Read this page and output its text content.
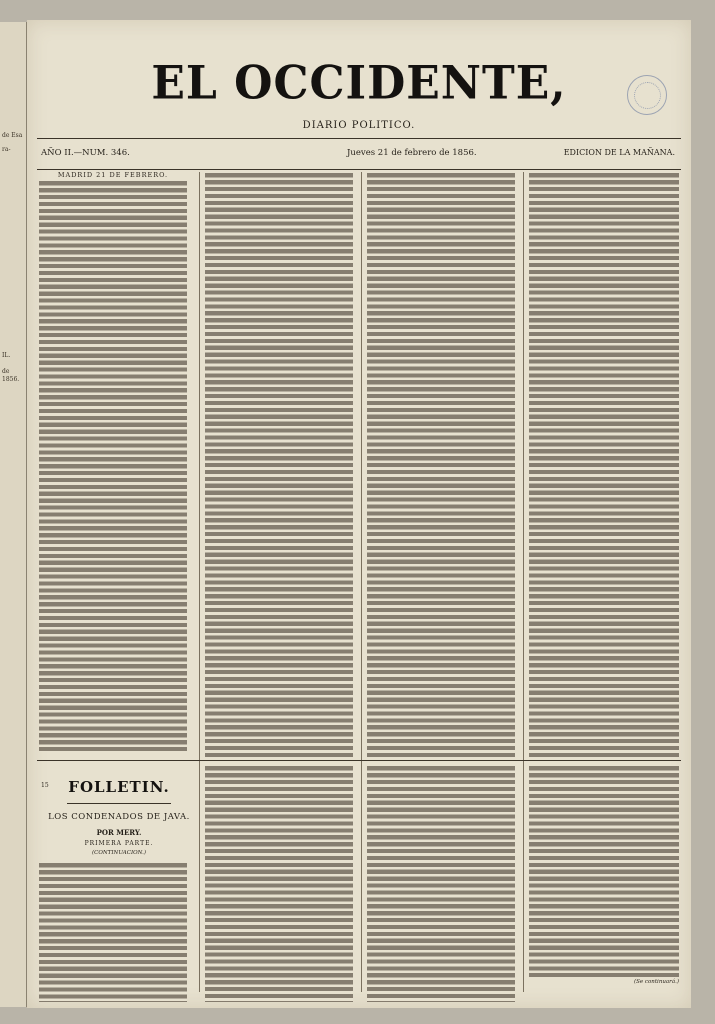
de Esa
ra-
IL.
de 1856.
EL OCCIDENTE,
DIARIO POLITICO.
AÑO II.—NUM. 346.
	Jueves 21 de febrero de 1856.	EDICION DE LA MAÑANA.

MADRID 21 DE FEBRERO.

15	FOLLETIN.
LOS CONDENADOS DE JAVA.
POR MERY.
PRIMERA PARTE.
(CONTINUACION.)

(Se continuará.)
